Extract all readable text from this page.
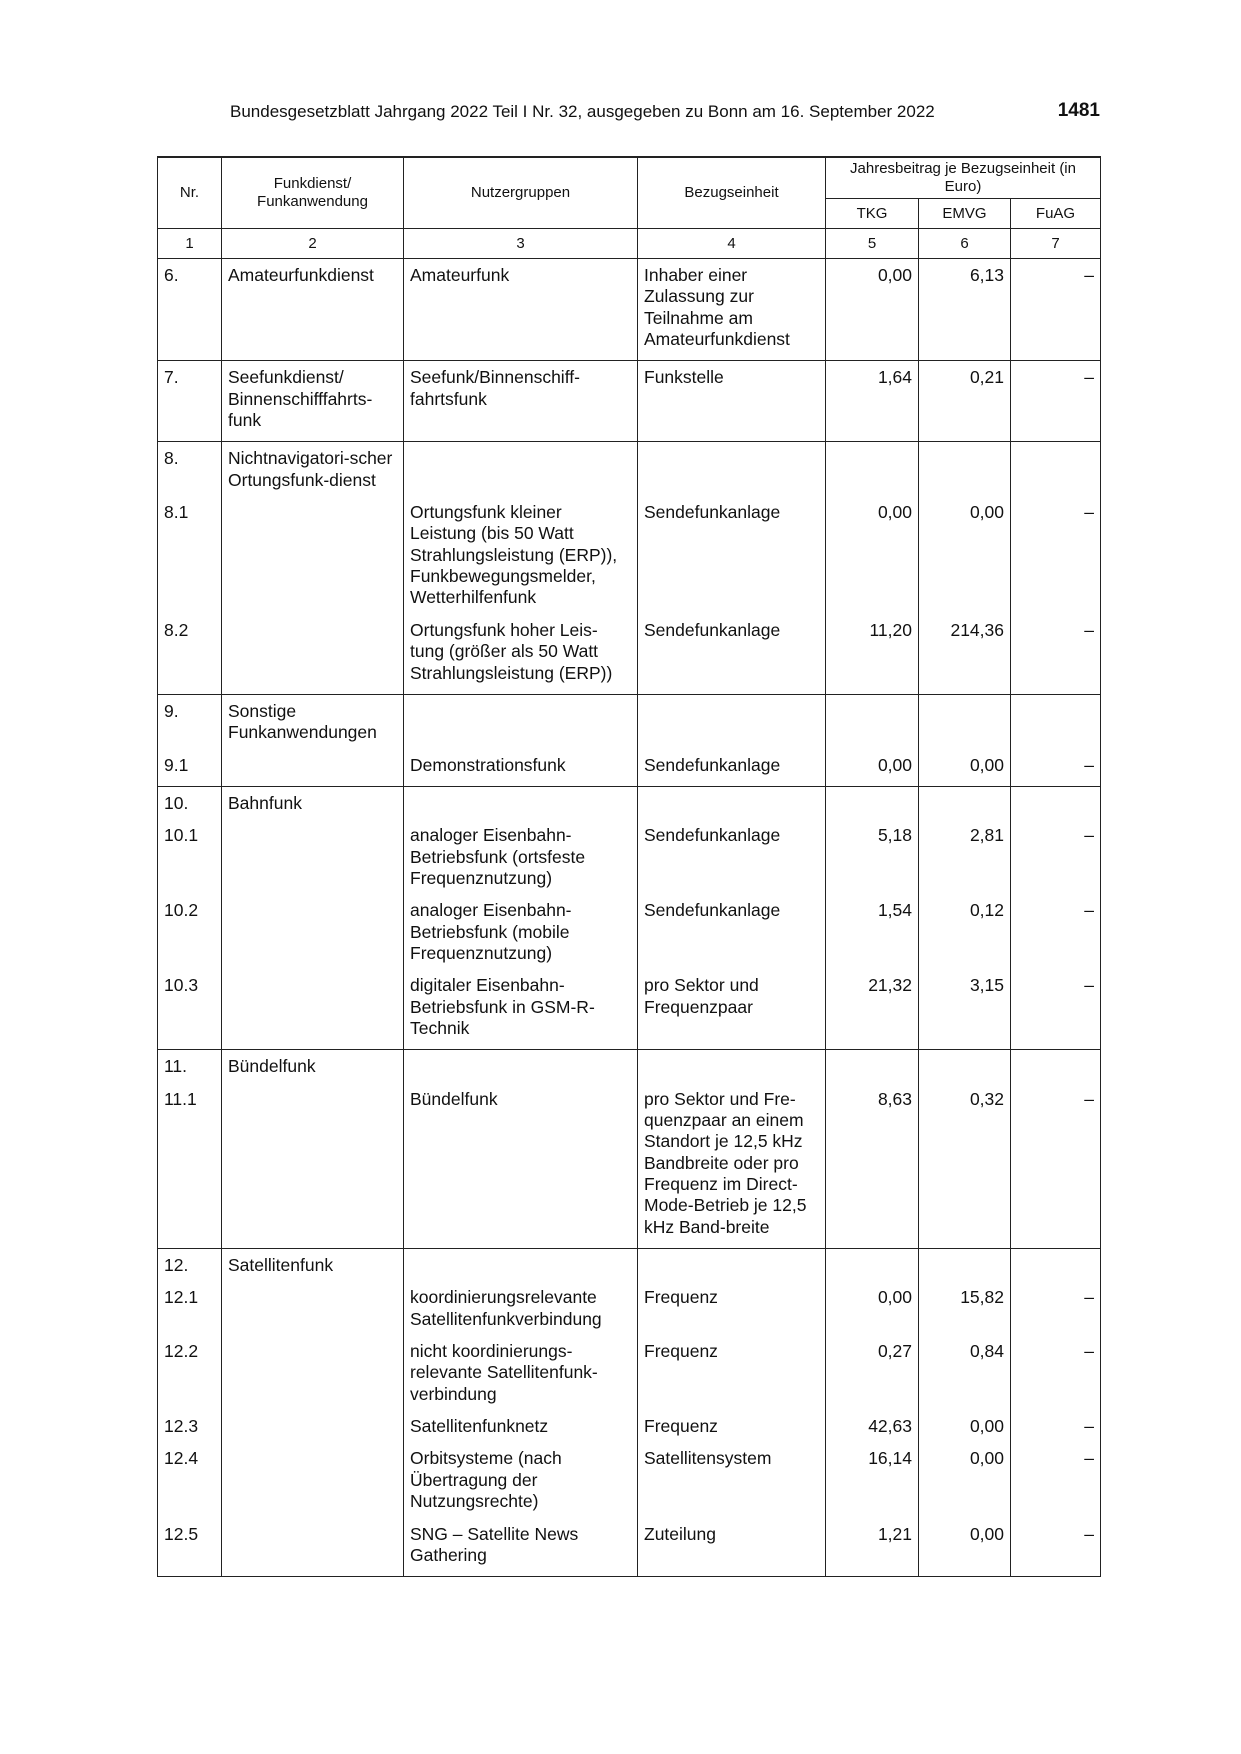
Bundesgesetzblatt Jahrgang 2022 Teil I Nr. 32, ausgegeben zu Bonn am 16. September 2022	1481
Nr.	Funkdienst/ Funkanwendung	Nutzergruppen	Bezugseinheit	Jahresbeitrag je Bezugseinheit (in Euro)		
				TKG	EMVG	FuAG
1	2	3	4	5	6	7
6.	Amateurfunkdienst	Amateurfunk	Inhaber einer Zulassung zur Teilnahme am Amateurfunkdienst	0,00	6,13	–
7.	Seefunkdienst/ Binnenschifffahrts-funk	Seefunk/Binnenschiff-fahrtsfunk	Funkstelle	1,64	0,21	–
8.	Nichtnavigatori-scher Ortungsfunk-dienst					
8.1		Ortungsfunk kleiner Leistung (bis 50 Watt Strahlungsleistung (ERP)), Funkbewegungsmelder, Wetterhilfenfunk	Sendefunkanlage	0,00	0,00	–
8.2		Ortungsfunk hoher Leis-tung (größer als 50 Watt Strahlungsleistung (ERP))	Sendefunkanlage	11,20	214,36	–
9.	Sonstige Funkanwendungen					
9.1		Demonstrationsfunk	Sendefunkanlage	0,00	0,00	–
10.	Bahnfunk					
10.1		analoger Eisenbahn-Betriebsfunk (ortsfeste Frequenznutzung)	Sendefunkanlage	5,18	2,81	–
10.2		analoger Eisenbahn-Betriebsfunk (mobile Frequenznutzung)	Sendefunkanlage	1,54	0,12	–
10.3		digitaler Eisenbahn-Betriebsfunk in GSM-R-Technik	pro Sektor und Frequenzpaar	21,32	3,15	–
11.	Bündelfunk					
11.1		Bündelfunk	pro Sektor und Fre-quenzpaar an einem Standort je 12,5 kHz Bandbreite oder pro Frequenz im Direct-Mode-Betrieb je 12,5 kHz Band-breite	8,63	0,32	–
12.	Satellitenfunk					
12.1		koordinierungsrelevante Satellitenfunkverbindung	Frequenz	0,00	15,82	–
12.2		nicht koordinierungs-relevante Satellitenfunk-verbindung	Frequenz	0,27	0,84	–
12.3		Satellitenfunknetz	Frequenz	42,63	0,00	–
12.4		Orbitsysteme (nach Übertragung der Nutzungsrechte)	Satellitensystem	16,14	0,00	–
12.5		SNG – Satellite News Gathering	Zuteilung	1,21	0,00	–
